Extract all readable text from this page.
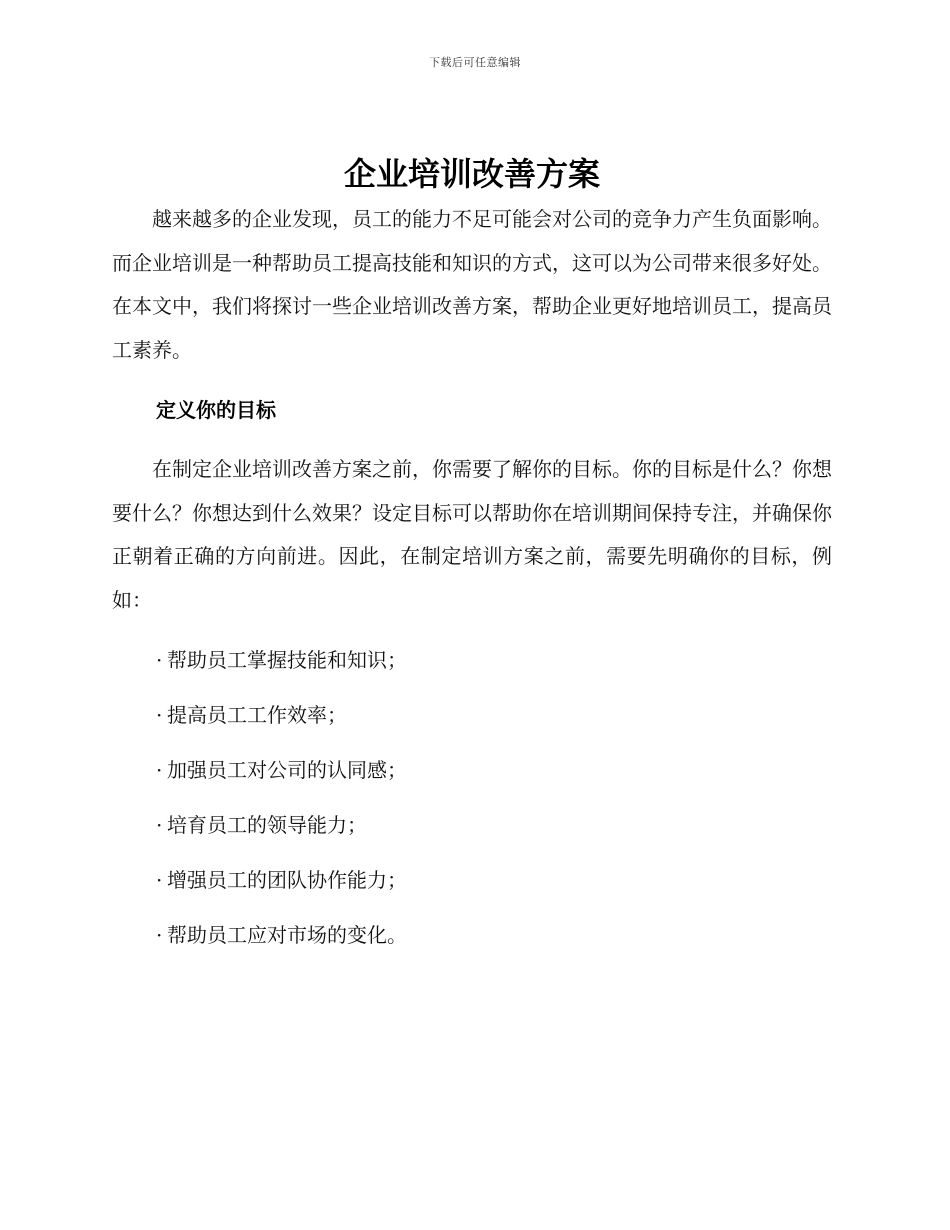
下载后可任意编辑
企业培训改善方案

越来越多的企业发现，员工的能力不足可能会对公司的竞争力产生负面影响。而企业培训是一种帮助员工提高技能和知识的方式，这可以为公司带来很多好处。在本文中，我们将探讨一些企业培训改善方案，帮助企业更好地培训员工，提高员工素养。

定义你的目标

在制定企业培训改善方案之前，你需要了解你的目标。你的目标是什么？你想要什么？你想达到什么效果？设定目标可以帮助你在培训期间保持专注，并确保你正朝着正确的方向前进。因此，在制定培训方案之前，需要先明确你的目标，例如：

· 帮助员工掌握技能和知识；
· 提高员工工作效率；
· 加强员工对公司的认同感；
· 培育员工的领导能力；
· 增强员工的团队协作能力；
· 帮助员工应对市场的变化。
